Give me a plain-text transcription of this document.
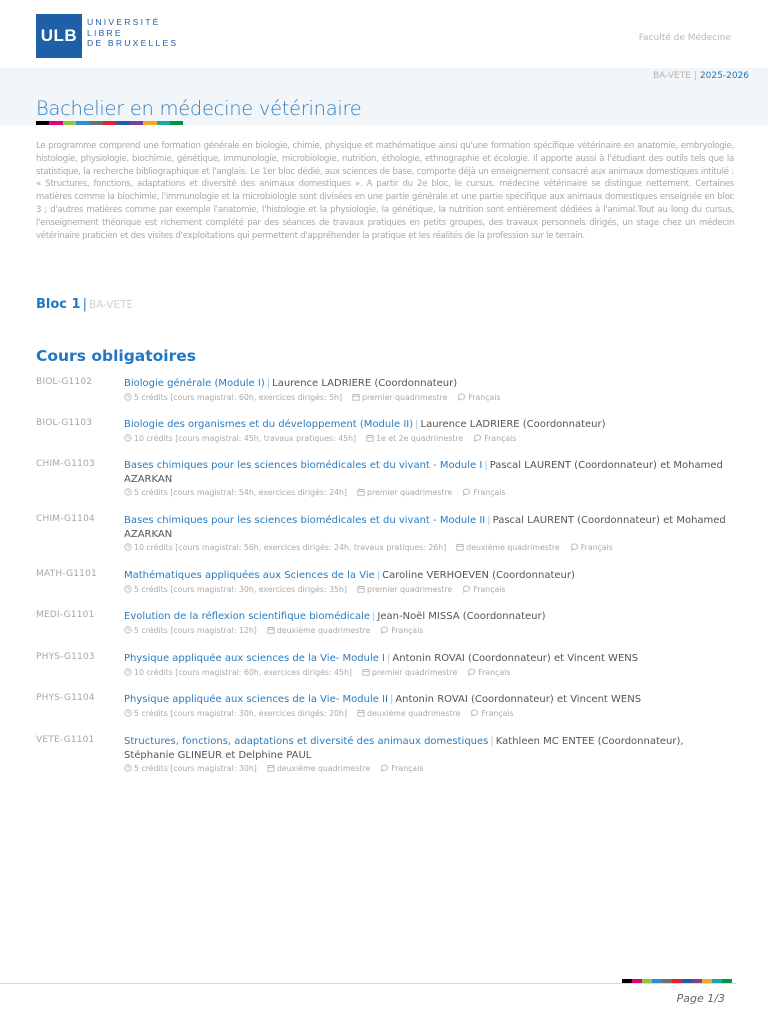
ULB
UNIVERSITÉ
LIBRE
DE BRUXELLES	Faculté de Médecine
BA-VETE | 2025-2026
Bachelier en médecine vétérinaire

Le programme comprend une formation générale en biologie, chimie, physique et mathématique ainsi qu'une formation spécifique vétérinaire en anatomie, embryologie, histologie, physiologie, biochimie, génétique, immunologie, microbiologie, nutrition, éthologie, ethnographie et écologie. Il apporte aussi à l'étudiant des outils tels que la statistique, la recherche bibliographique et l'anglais. Le 1er bloc dédié, aux sciences de base, comporte déjà un enseignement consacré aux animaux domestiques intitulé : « Structures, fonctions, adaptations et diversité des animaux domestiques ». A partir du 2e bloc, le cursus, médecine vétérinaire se distingue nettement. Certaines matières comme la biochimie, l'immunologie et la microbiologie sont divisées en une partie générale et une partie spécifique aux animaux domestiques enseignée en bloc 3 ; d'autres matières comme par exemple l'anatomie, l'histologie et la physiologie, la génétique, la nutrition sont entièrement dédiées à l'animal.Tout au long du cursus, l'enseignement théorique est richement complété par des séances de travaux pratiques en petits groupes, des travaux personnels dirigés, un stage chez un médecin vétérinaire praticien et des visites d'exploitations qui permettent d'appréhender la pratique et les réalités de la profession sur le terrain.

Bloc 1 | BA-VETE
Cours obligatoires
BIOL-G1102	Biologie générale (Module I) | Laurence LADRIERE (Coordonnateur)
5 crédits [cours magistral: 60h, exercices dirigés: 5h]	premier quadrimestre	Français
BIOL-G1103	Biologie des organismes et du développement (Module II) | Laurence LADRIERE (Coordonnateur)
10 crédits [cours magistral: 45h, travaux pratiques: 45h]	1e et 2e quadrimestre	Français
CHIM-G1103	Bases chimiques pour les sciences biomédicales et du vivant - Module I | Pascal LAURENT (Coordonnateur) et Mohamed AZARKAN
5 crédits [cours magistral: 54h, exercices dirigés: 24h]	premier quadrimestre	Français
CHIM-G1104	Bases chimiques pour les sciences biomédicales et du vivant - Module II | Pascal LAURENT (Coordonnateur) et Mohamed AZARKAN
10 crédits [cours magistral: 56h, exercices dirigés: 24h, travaux pratiques: 26h]	deuxième quadrimestre	Français
MATH-G1101	Mathématiques appliquées aux Sciences de la Vie | Caroline VERHOEVEN (Coordonnateur)
5 crédits [cours magistral: 30h, exercices dirigés: 35h]	premier quadrimestre	Français
MEDI-G1101	Evolution de la réflexion scientifique biomédicale | Jean-Noël MISSA (Coordonnateur)
5 crédits [cours magistral: 12h]	deuxième quadrimestre	Français
PHYS-G1103	Physique appliquée aux sciences de la Vie- Module I | Antonin ROVAI (Coordonnateur) et Vincent WENS
10 crédits [cours magistral: 60h, exercices dirigés: 45h]	premier quadrimestre	Français
PHYS-G1104	Physique appliquée aux sciences de la Vie- Module II | Antonin ROVAI (Coordonnateur) et Vincent WENS
5 crédits [cours magistral: 30h, exercices dirigés: 20h]	deuxième quadrimestre	Français
VETE-G1101	Structures, fonctions, adaptations et diversité des animaux domestiques | Kathleen MC ENTEE (Coordonnateur), Stéphanie GLINEUR et Delphine PAUL
5 crédits [cours magistral: 30h]	deuxième quadrimestre	Français
Page 1/3
